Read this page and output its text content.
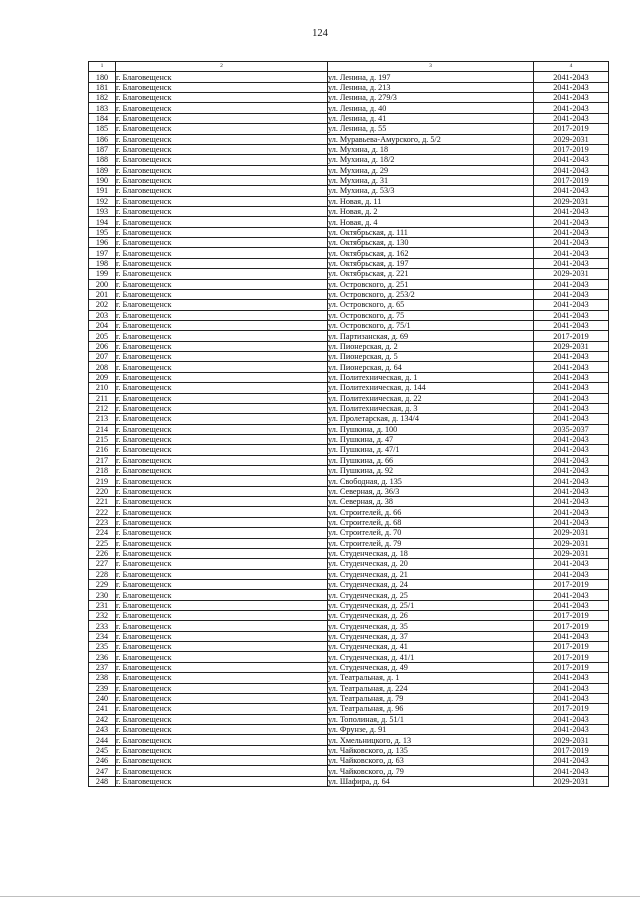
124
1	2	3	4
180	г. Благовещенск	ул. Ленина, д. 197	2041-2043
181	г. Благовещенск	ул. Ленина, д. 213	2041-2043
182	г. Благовещенск	ул. Ленина, д. 279/3	2041-2043
183	г. Благовещенск	ул. Ленина, д. 40	2041-2043
184	г. Благовещенск	ул. Ленина, д. 41	2041-2043
185	г. Благовещенск	ул. Ленина, д. 55	2017-2019
186	г. Благовещенск	ул. Муравьева-Амурского, д. 5/2	2029-2031
187	г. Благовещенск	ул. Мухина, д. 18	2017-2019
188	г. Благовещенск	ул. Мухина, д. 18/2	2041-2043
189	г. Благовещенск	ул. Мухина, д. 29	2041-2043
190	г. Благовещенск	ул. Мухина, д. 31	2017-2019
191	г. Благовещенск	ул. Мухина, д. 53/3	2041-2043
192	г. Благовещенск	ул. Новая, д. 11	2029-2031
193	г. Благовещенск	ул. Новая, д. 2	2041-2043
194	г. Благовещенск	ул. Новая, д. 4	2041-2043
195	г. Благовещенск	ул. Октябрьская, д. 111	2041-2043
196	г. Благовещенск	ул. Октябрьская, д. 130	2041-2043
197	г. Благовещенск	ул. Октябрьская, д. 162	2041-2043
198	г. Благовещенск	ул. Октябрьская, д. 197	2041-2043
199	г. Благовещенск	ул. Октябрьская, д. 221	2029-2031
200	г. Благовещенск	ул. Островского, д. 251	2041-2043
201	г. Благовещенск	ул. Островского, д. 253/2	2041-2043
202	г. Благовещенск	ул. Островского, д. 65	2041-2043
203	г. Благовещенск	ул. Островского, д. 75	2041-2043
204	г. Благовещенск	ул. Островского, д. 75/1	2041-2043
205	г. Благовещенск	ул. Партизанская, д. 69	2017-2019
206	г. Благовещенск	ул. Пионерская, д. 2	2029-2031
207	г. Благовещенск	ул. Пионерская, д. 5	2041-2043
208	г. Благовещенск	ул. Пионерская, д. 64	2041-2043
209	г. Благовещенск	ул. Политехническая, д. 1	2041-2043
210	г. Благовещенск	ул. Политехническая, д. 144	2041-2043
211	г. Благовещенск	ул. Политехническая, д. 22	2041-2043
212	г. Благовещенск	ул. Политехническая, д. 3	2041-2043
213	г. Благовещенск	ул. Пролетарская, д. 134/4	2041-2043
214	г. Благовещенск	ул. Пушкина, д. 100	2035-2037
215	г. Благовещенск	ул. Пушкина, д. 47	2041-2043
216	г. Благовещенск	ул. Пушкина, д. 47/1	2041-2043
217	г. Благовещенск	ул. Пушкина, д. 66	2041-2043
218	г. Благовещенск	ул. Пушкина, д. 92	2041-2043
219	г. Благовещенск	ул. Свободная, д. 135	2041-2043
220	г. Благовещенск	ул. Северная, д. 36/3	2041-2043
221	г. Благовещенск	ул. Северная, д. 38	2041-2043
222	г. Благовещенск	ул. Строителей, д. 66	2041-2043
223	г. Благовещенск	ул. Строителей, д. 68	2041-2043
224	г. Благовещенск	ул. Строителей, д. 70	2029-2031
225	г. Благовещенск	ул. Строителей, д. 79	2029-2031
226	г. Благовещенск	ул. Студенческая, д. 18	2029-2031
227	г. Благовещенск	ул. Студенческая, д. 20	2041-2043
228	г. Благовещенск	ул. Студенческая, д. 21	2041-2043
229	г. Благовещенск	ул. Студенческая, д. 24	2017-2019
230	г. Благовещенск	ул. Студенческая, д. 25	2041-2043
231	г. Благовещенск	ул. Студенческая, д. 25/1	2041-2043
232	г. Благовещенск	ул. Студенческая, д. 26	2017-2019
233	г. Благовещенск	ул. Студенческая, д. 35	2017-2019
234	г. Благовещенск	ул. Студенческая, д. 37	2041-2043
235	г. Благовещенск	ул. Студенческая, д. 41	2017-2019
236	г. Благовещенск	ул. Студенческая, д. 41/1	2017-2019
237	г. Благовещенск	ул. Студенческая, д. 49	2017-2019
238	г. Благовещенск	ул. Театральная, д. 1	2041-2043
239	г. Благовещенск	ул. Театральная, д. 224	2041-2043
240	г. Благовещенск	ул. Театральная, д. 79	2041-2043
241	г. Благовещенск	ул. Театральная, д. 96	2017-2019
242	г. Благовещенск	ул. Тополиная, д. 51/1	2041-2043
243	г. Благовещенск	ул. Фрунзе, д. 91	2041-2043
244	г. Благовещенск	ул. Хмельницкого, д. 13	2029-2031
245	г. Благовещенск	ул. Чайковского, д. 135	2017-2019
246	г. Благовещенск	ул. Чайковского, д. 63	2041-2043
247	г. Благовещенск	ул. Чайковского, д. 79	2041-2043
248	г. Благовещенск	ул. Шафира, д. 64	2029-2031
